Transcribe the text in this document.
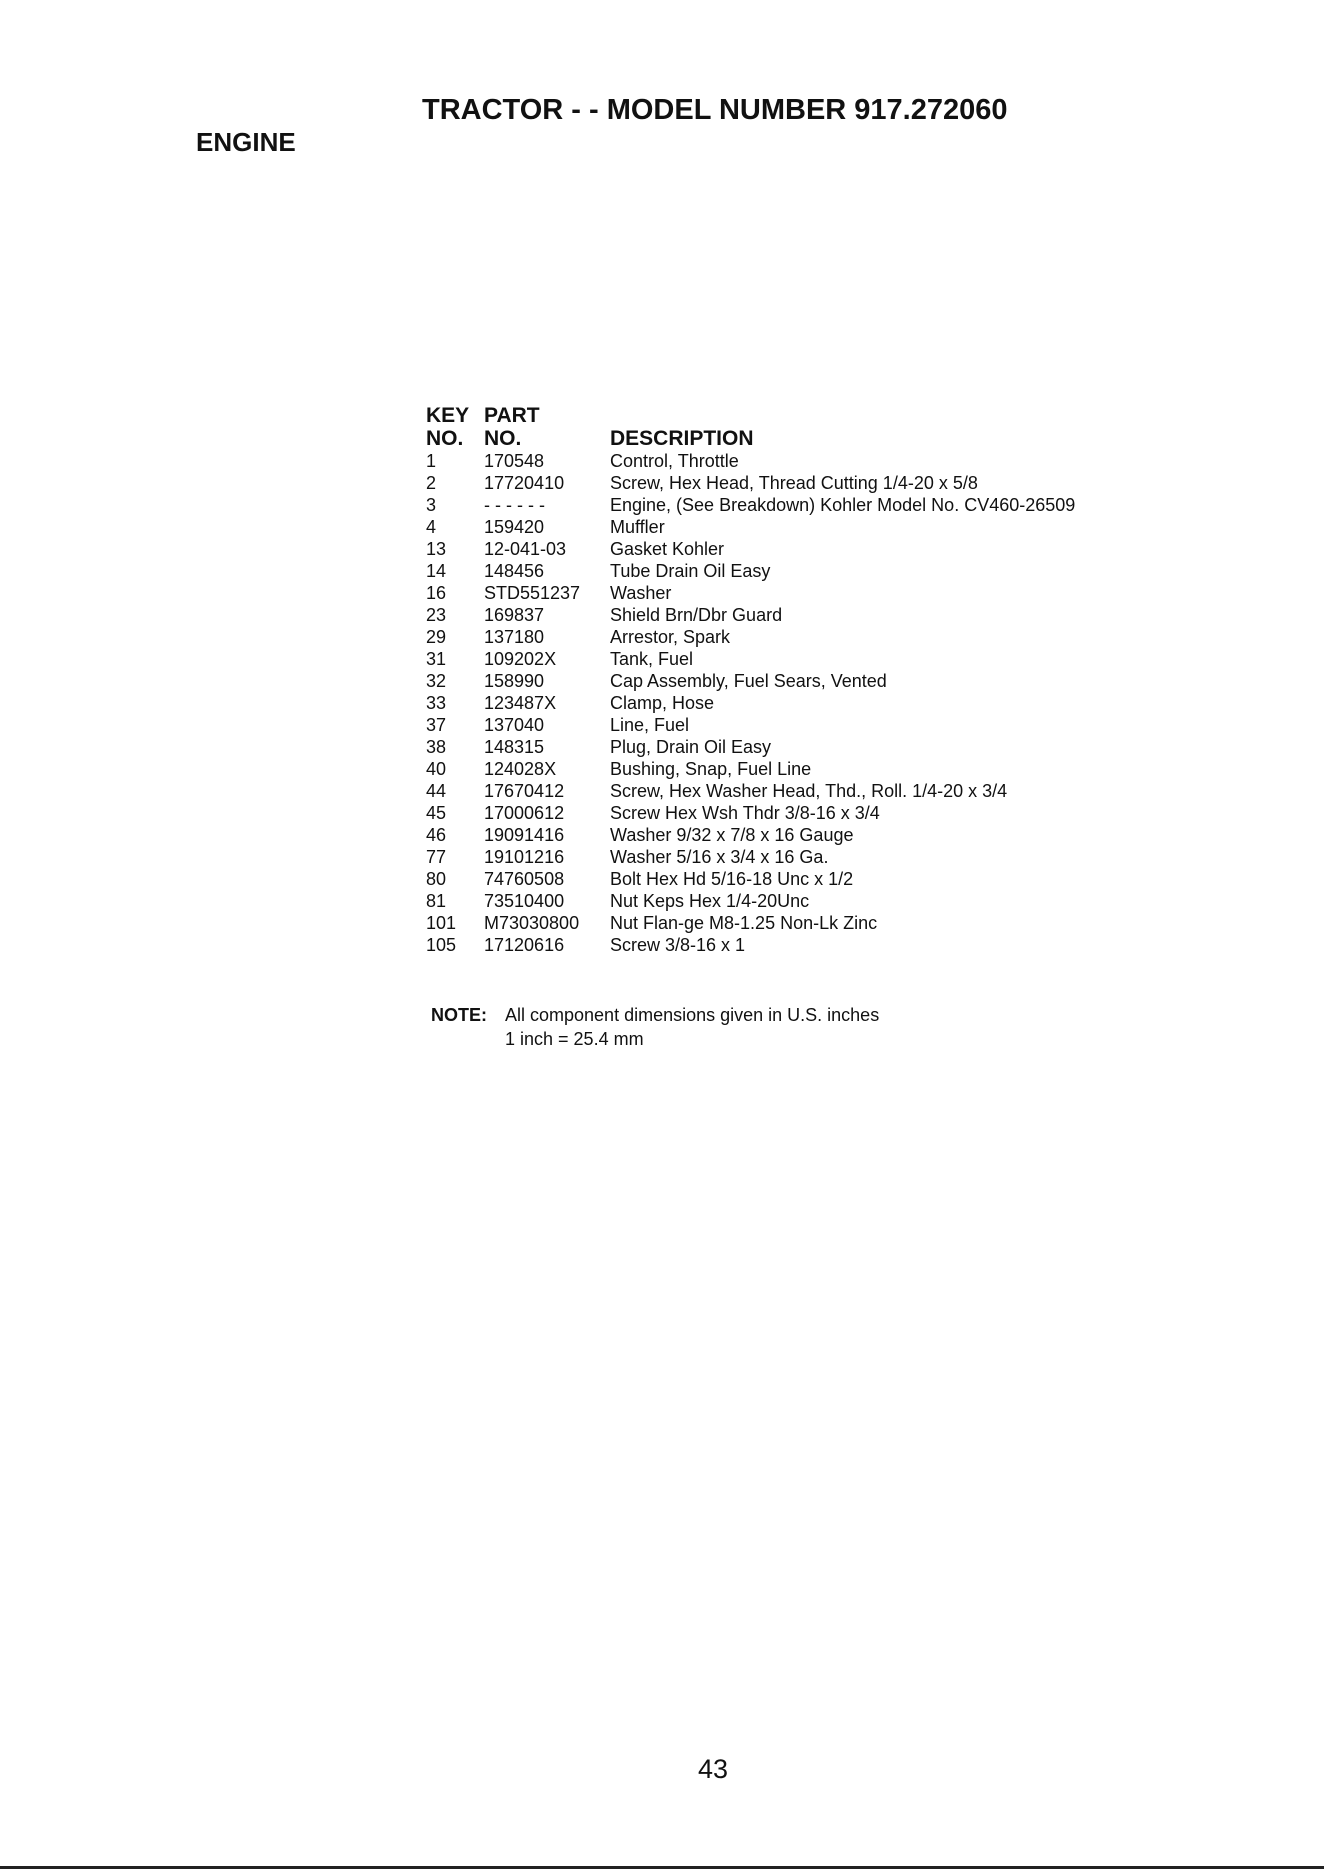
TRACTOR - - MODEL NUMBER 917.272060
ENGINE
KEY	PART	
NO.	NO.	DESCRIPTION
1	170548	Control, Throttle
2	17720410	Screw, Hex Head, Thread Cutting 1/4-20 x 5/8
3	- - - - - -	Engine, (See Breakdown) Kohler Model No. CV460-26509
4	159420	Muffler
13	12-041-03	Gasket Kohler
14	148456	Tube Drain Oil Easy
16	STD551237	Washer
23	169837	Shield Brn/Dbr Guard
29	137180	Arrestor, Spark
31	109202X	Tank, Fuel
32	158990	Cap Assembly, Fuel Sears, Vented
33	123487X	Clamp, Hose
37	137040	Line, Fuel
38	148315	Plug, Drain Oil Easy
40	124028X	Bushing, Snap, Fuel Line
44	17670412	Screw, Hex Washer Head, Thd., Roll. 1/4-20 x 3/4
45	17000612	Screw Hex Wsh Thdr 3/8-16 x 3/4
46	19091416	Washer 9/32 x 7/8 x 16 Gauge
77	19101216	Washer 5/16 x 3/4 x 16 Ga.
80	74760508	Bolt Hex Hd 5/16-18 Unc x 1/2
81	73510400	Nut Keps Hex 1/4-20Unc
101	M73030800	Nut Flan-ge M8-1.25 Non-Lk Zinc
105	17120616	Screw 3/8-16 x 1
NOTE: All component dimensions given in U.S. inches
1 inch = 25.4 mm
43
